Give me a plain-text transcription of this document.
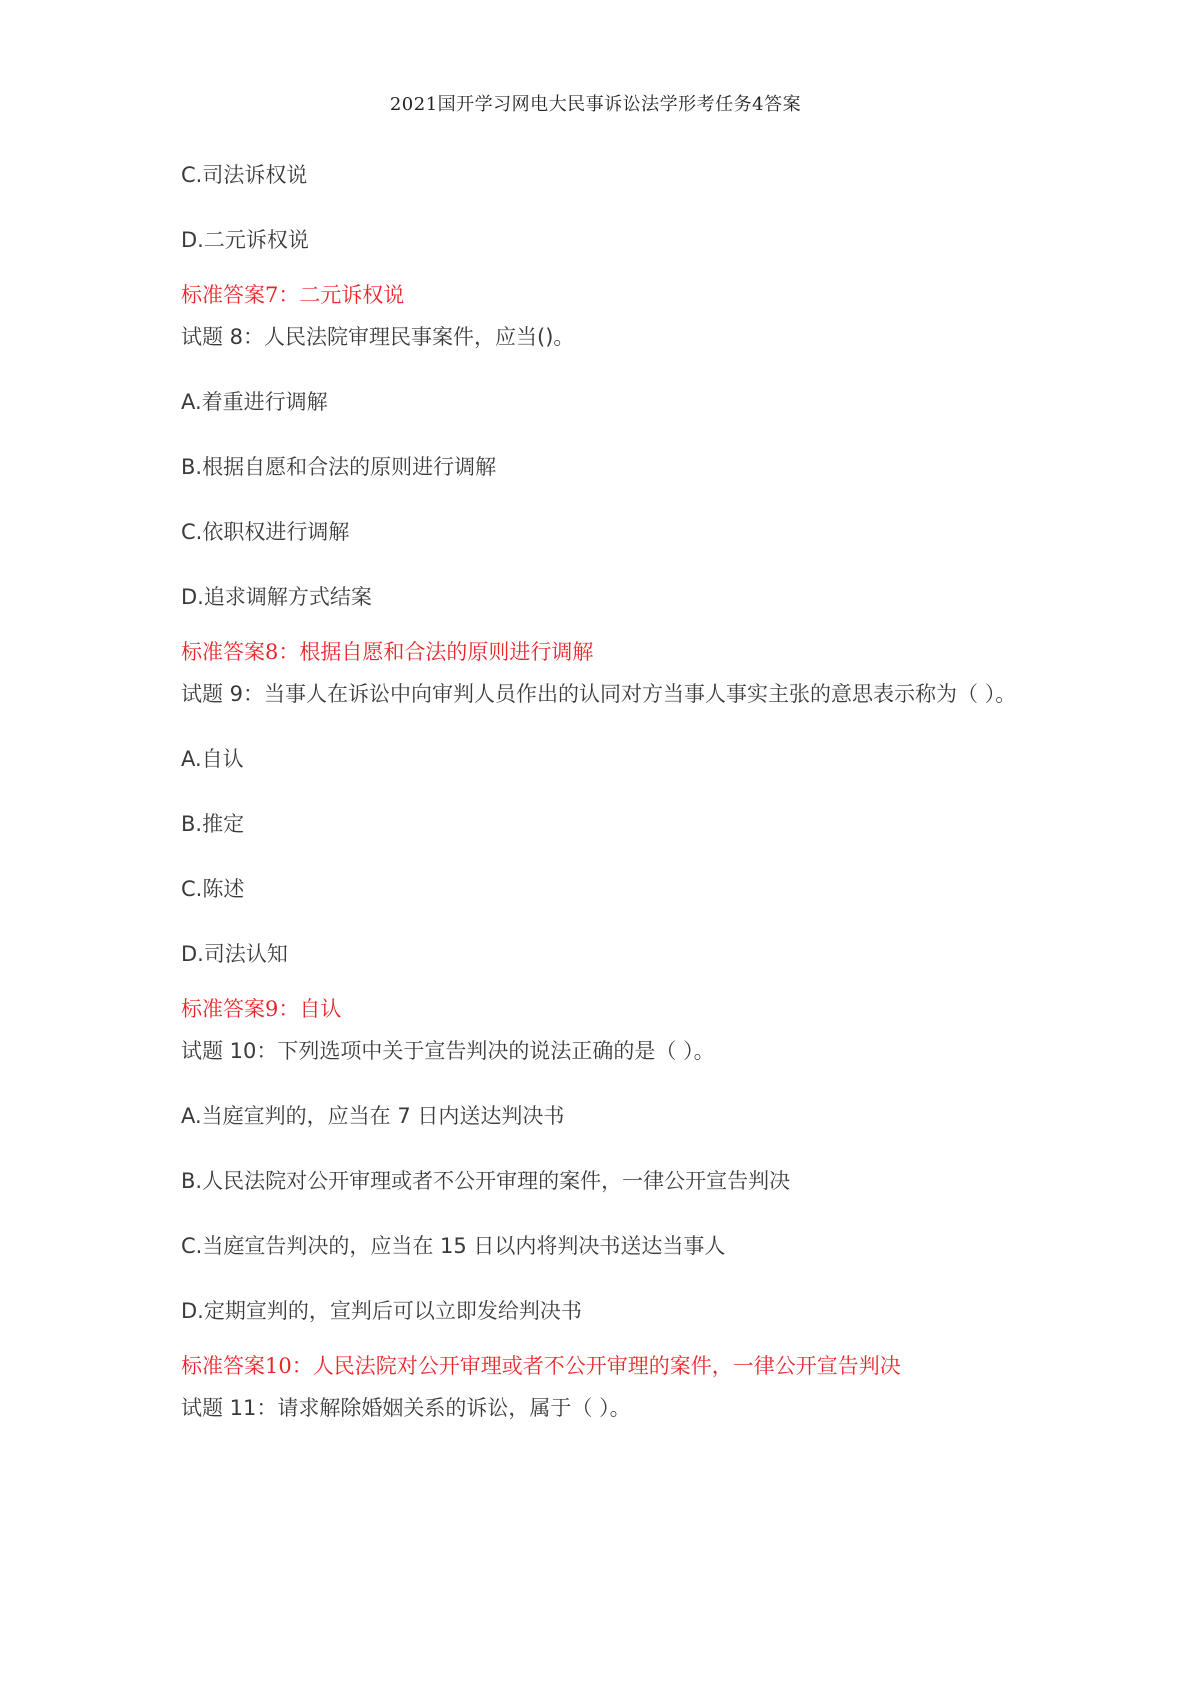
2021国开学习网电大民事诉讼法学形考任务4答案
C.司法诉权说
D.二元诉权说
标准答案7：二元诉权说
试题 8：人民法院审理民事案件，应当()。
A.着重进行调解
B.根据自愿和合法的原则进行调解
C.依职权进行调解
D.追求调解方式结案
标准答案8：根据自愿和合法的原则进行调解
试题 9：当事人在诉讼中向审判人员作出的认同对方当事人事实主张的意思表示称为（ ）。
A.自认
B.推定
C.陈述
D.司法认知
标准答案9：自认
试题 10：下列选项中关于宣告判决的说法正确的是（ ）。
A.当庭宣判的，应当在 7 日内送达判决书
B.人民法院对公开审理或者不公开审理的案件，一律公开宣告判决
C.当庭宣告判决的，应当在 15 日以内将判决书送达当事人
D.定期宣判的，宣判后可以立即发给判决书
标准答案10：人民法院对公开审理或者不公开审理的案件，一律公开宣告判决
试题 11：请求解除婚姻关系的诉讼，属于（ ）。
